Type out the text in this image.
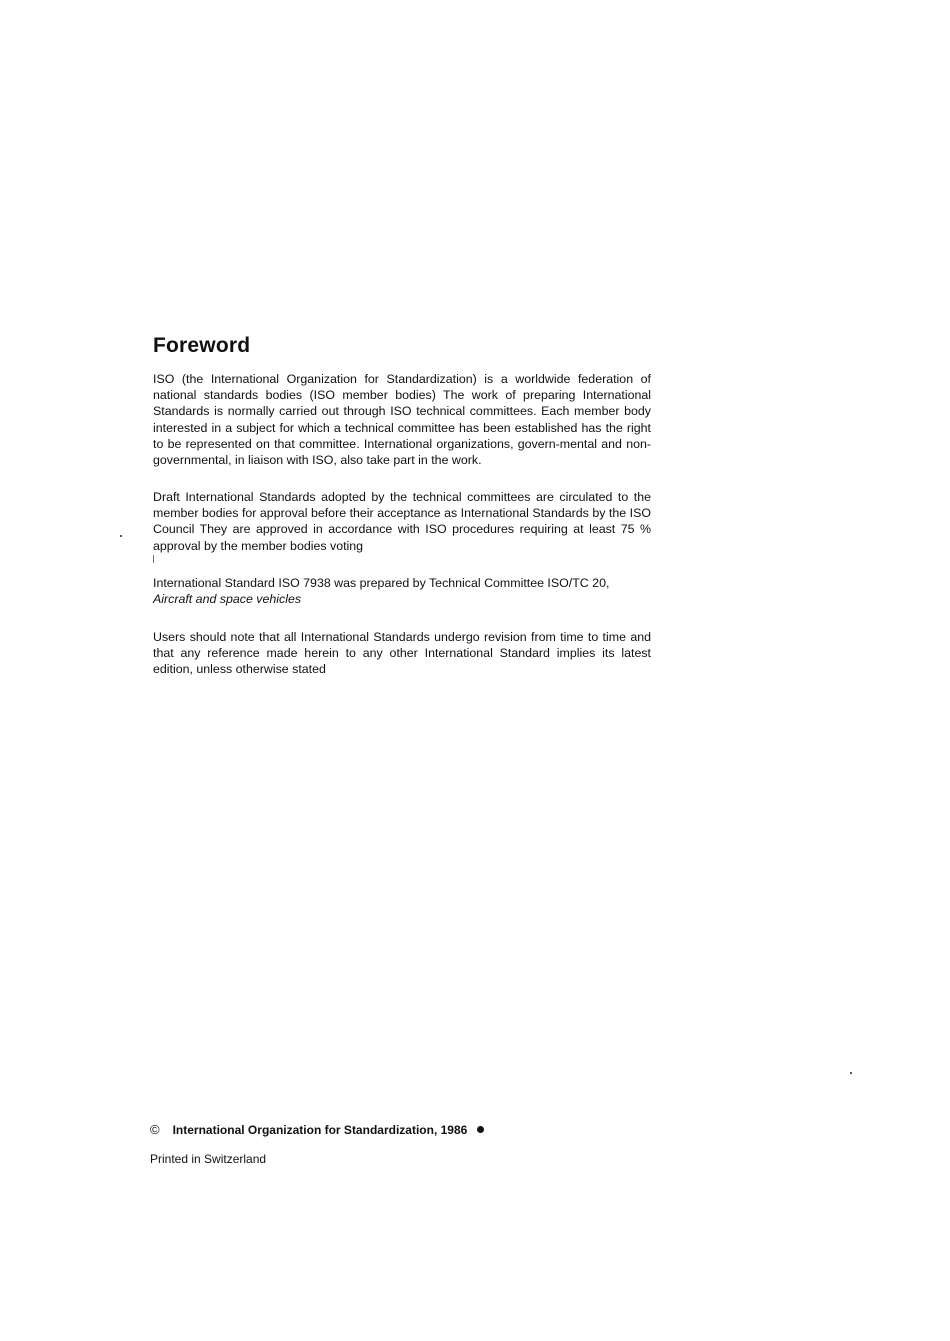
Foreword

ISO (the International Organization for Standardization) is a worldwide federation of national standards bodies (ISO member bodies) The work of preparing International Standards is normally carried out through ISO technical committees. Each member body interested in a subject for which a technical committee has been established has the right to be represented on that committee. International organizations, govern-mental and non-governmental, in liaison with ISO, also take part in the work.

Draft International Standards adopted by the technical committees are circulated to the member bodies for approval before their acceptance as International Standards by the ISO Council They are approved in accordance with ISO procedures requiring at least 75 % approval by the member bodies voting

International Standard ISO 7938 was prepared by Technical Committee ISO/TC 20,
Aircraft and space vehicles

Users should note that all International Standards undergo revision from time to time and that any reference made herein to any other International Standard implies its latest edition, unless otherwise stated

© International Organization for Standardization, 1986
Printed in Switzerland
